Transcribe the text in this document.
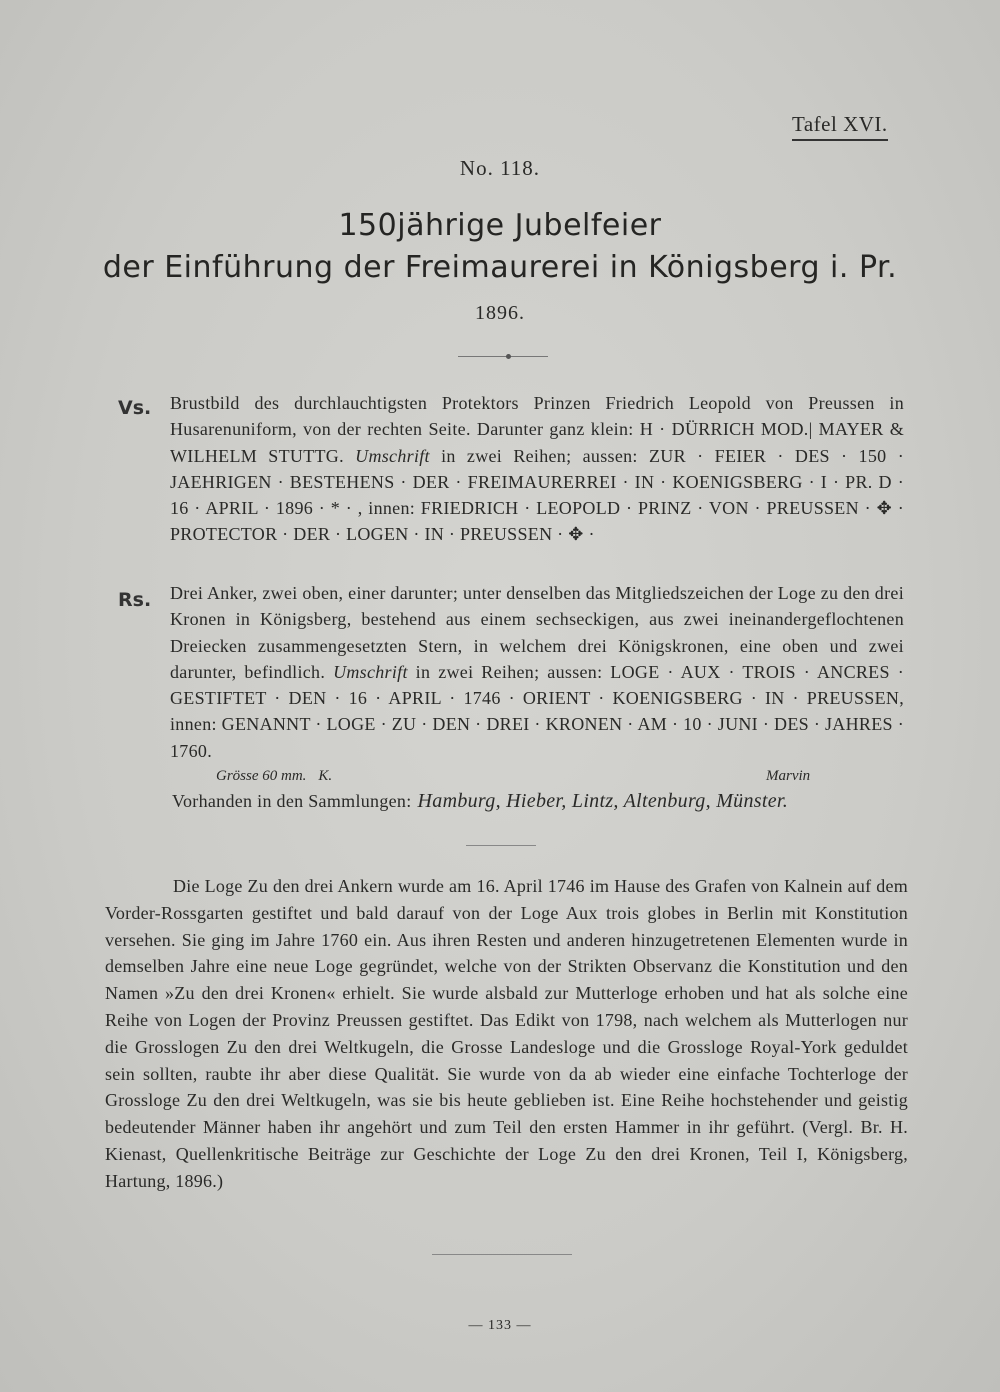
Tafel XVI.
No. 118.
150jährige Jubelfeier
der Einführung der Freimaurerei in Königsberg i. Pr.
1896.
Vs. Brustbild des durchlauchtigsten Protektors Prinzen Friedrich Leopold von Preussen in Husarenuniform, von der rechten Seite. Darunter ganz klein: H · DÜRRICH MOD.| MAYER & WILHELM STUTTG. Umschrift in zwei Reihen; aussen: ZUR · FEIER · DES · 150 · JAEHRIGEN · BESTEHENS · DER · FREIMAURERREI · IN · KOENIGSBERG · I · PR. D · 16 · APRIL · 1896 · * · , innen: FRIEDRICH · LEOPOLD · PRINZ · VON · PREUSSEN · ✥ · PROTECTOR · DER · LOGEN · IN · PREUSSEN · ✥ ·
Rs. Drei Anker, zwei oben, einer darunter; unter denselben das Mitgliedszeichen der Loge zu den drei Kronen in Königsberg, bestehend aus einem sechseckigen, aus zwei ineinandergeflochtenen Dreiecken zusammengesetzten Stern, in welchem drei Königskronen, eine oben und zwei darunter, befindlich. Umschrift in zwei Reihen; aussen: LOGE · AUX · TROIS · ANCRES · GESTIFTET · DEN · 16 · APRIL · 1746 · ORIENT · KOENIGSBERG · IN · PREUSSEN, innen: GENANNT · LOGE · ZU · DEN · DREI · KRONEN · AM · 10 · JUNI · DES · JAHRES · 1760.
Grösse 60 mm. K.	Marvin
Vorhanden in den Sammlungen: Hamburg, Hieber, Lintz, Altenburg, Münster.
Die Loge Zu den drei Ankern wurde am 16. April 1746 im Hause des Grafen von Kalnein auf dem Vorder-Rossgarten gestiftet und bald darauf von der Loge Aux trois globes in Berlin mit Konstitution versehen. Sie ging im Jahre 1760 ein. Aus ihren Resten und anderen hinzugetretenen Elementen wurde in demselben Jahre eine neue Loge gegründet, welche von der Strikten Observanz die Konstitution und den Namen »Zu den drei Kronen« erhielt. Sie wurde alsbald zur Mutterloge erhoben und hat als solche eine Reihe von Logen der Provinz Preussen gestiftet. Das Edikt von 1798, nach welchem als Mutterlogen nur die Grosslogen Zu den drei Weltkugeln, die Grosse Landesloge und die Grossloge Royal-York geduldet sein sollten, raubte ihr aber diese Qualität. Sie wurde von da ab wieder eine einfache Tochterloge der Grossloge Zu den drei Weltkugeln, was sie bis heute geblieben ist. Eine Reihe hochstehender und geistig bedeutender Männer haben ihr angehört und zum Teil den ersten Hammer in ihr geführt. (Vergl. Br. H. Kienast, Quellenkritische Beiträge zur Geschichte der Loge Zu den drei Kronen, Teil I, Königsberg, Hartung, 1896.)
— 133 —
